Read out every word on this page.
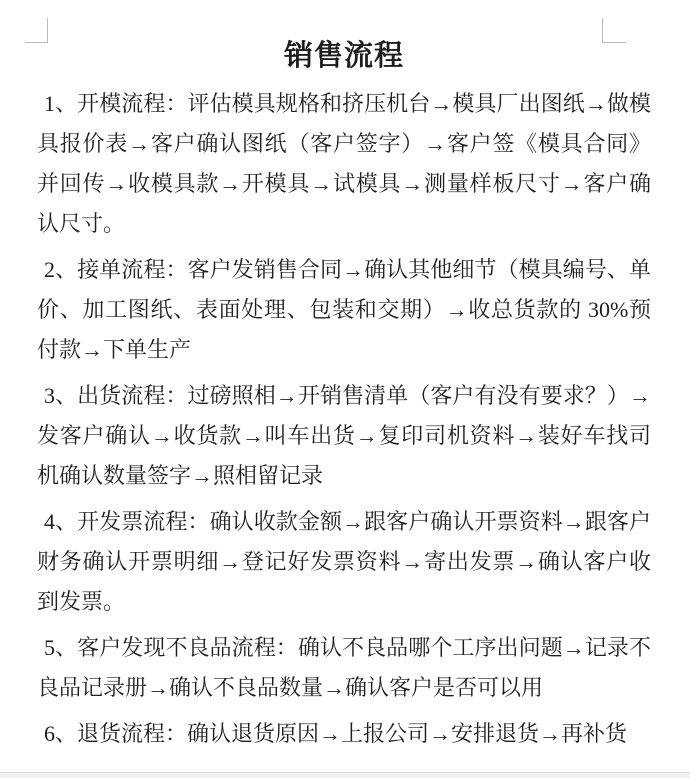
销售流程

1、开模流程：评估模具规格和挤压机台→模具厂出图纸→做模具报价表→客户确认图纸（客户签字）→客户签《模具合同》并回传→收模具款→开模具→试模具→测量样板尺寸→客户确认尺寸。

2、接单流程：客户发销售合同→确认其他细节（模具编号、单价、加工图纸、表面处理、包装和交期）→收总货款的 30%预付款→下单生产

3、出货流程：过磅照相→开销售清单（客户有没有要求？）→发客户确认→收货款→叫车出货→复印司机资料→装好车找司机确认数量签字→照相留记录

4、开发票流程：确认收款金额→跟客户确认开票资料→跟客户财务确认开票明细→登记好发票资料→寄出发票→确认客户收到发票。

5、客户发现不良品流程：确认不良品哪个工序出问题→记录不良品记录册→确认不良品数量→确认客户是否可以用

6、退货流程：确认退货原因→上报公司→安排退货→再补货
